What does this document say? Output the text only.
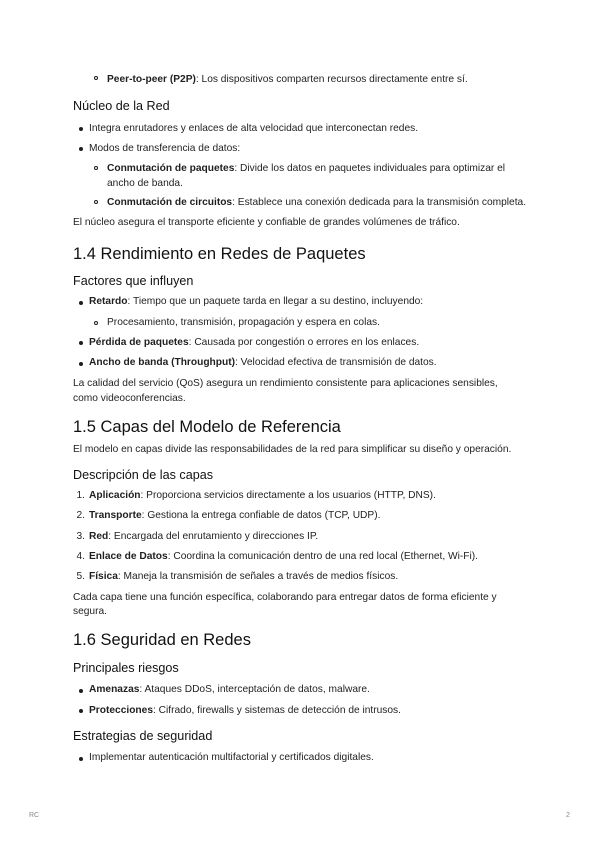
Peer-to-peer (P2P): Los dispositivos comparten recursos directamente entre sí.
Núcleo de la Red
Integra enrutadores y enlaces de alta velocidad que interconectan redes.
Modos de transferencia de datos:
Conmutación de paquetes: Divide los datos en paquetes individuales para optimizar el
ancho de banda.
Conmutación de circuitos: Establece una conexión dedicada para la transmisión completa.
El núcleo asegura el transporte eficiente y confiable de grandes volúmenes de tráfico.
1.4 Rendimiento en Redes de Paquetes
Factores que influyen
Retardo: Tiempo que un paquete tarda en llegar a su destino, incluyendo:
Procesamiento, transmisión, propagación y espera en colas.
Pérdida de paquetes: Causada por congestión o errores en los enlaces.
Ancho de banda (Throughput): Velocidad efectiva de transmisión de datos.
La calidad del servicio (QoS) asegura un rendimiento consistente para aplicaciones sensibles,
como videoconferencias.
1.5 Capas del Modelo de Referencia
El modelo en capas divide las responsabilidades de la red para simplificar su diseño y operación.
Descripción de las capas
1. Aplicación: Proporciona servicios directamente a los usuarios (HTTP, DNS).
2. Transporte: Gestiona la entrega confiable de datos (TCP, UDP).
3. Red: Encargada del enrutamiento y direcciones IP.
4. Enlace de Datos: Coordina la comunicación dentro de una red local (Ethernet, Wi-Fi).
5. Física: Maneja la transmisión de señales a través de medios físicos.
Cada capa tiene una función específica, colaborando para entregar datos de forma eficiente y
segura.
1.6 Seguridad en Redes
Principales riesgos
Amenazas: Ataques DDoS, interceptación de datos, malware.
Protecciones: Cifrado, firewalls y sistemas de detección de intrusos.
Estrategias de seguridad
Implementar autenticación multifactorial y certificados digitales.
RC	2
